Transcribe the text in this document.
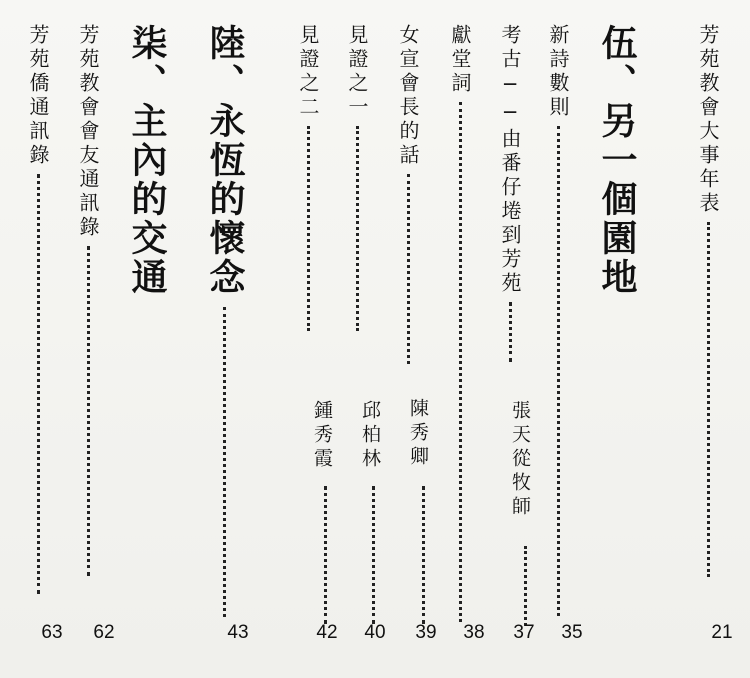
芳苑教會大事年表
21
新詩數則
35
伍、另一個園地
考古──由番仔埢到芳苑
張天從牧師
37
獻堂詞
38
女宣會長的話
陳秀卿
39
見證之一
邱柏林
40
見證之二
鍾秀霞
42
陸、永恆的懷念
43
柒、主內的交通
芳苑教會會友通訊錄
62
芳苑僑通訊錄
63
